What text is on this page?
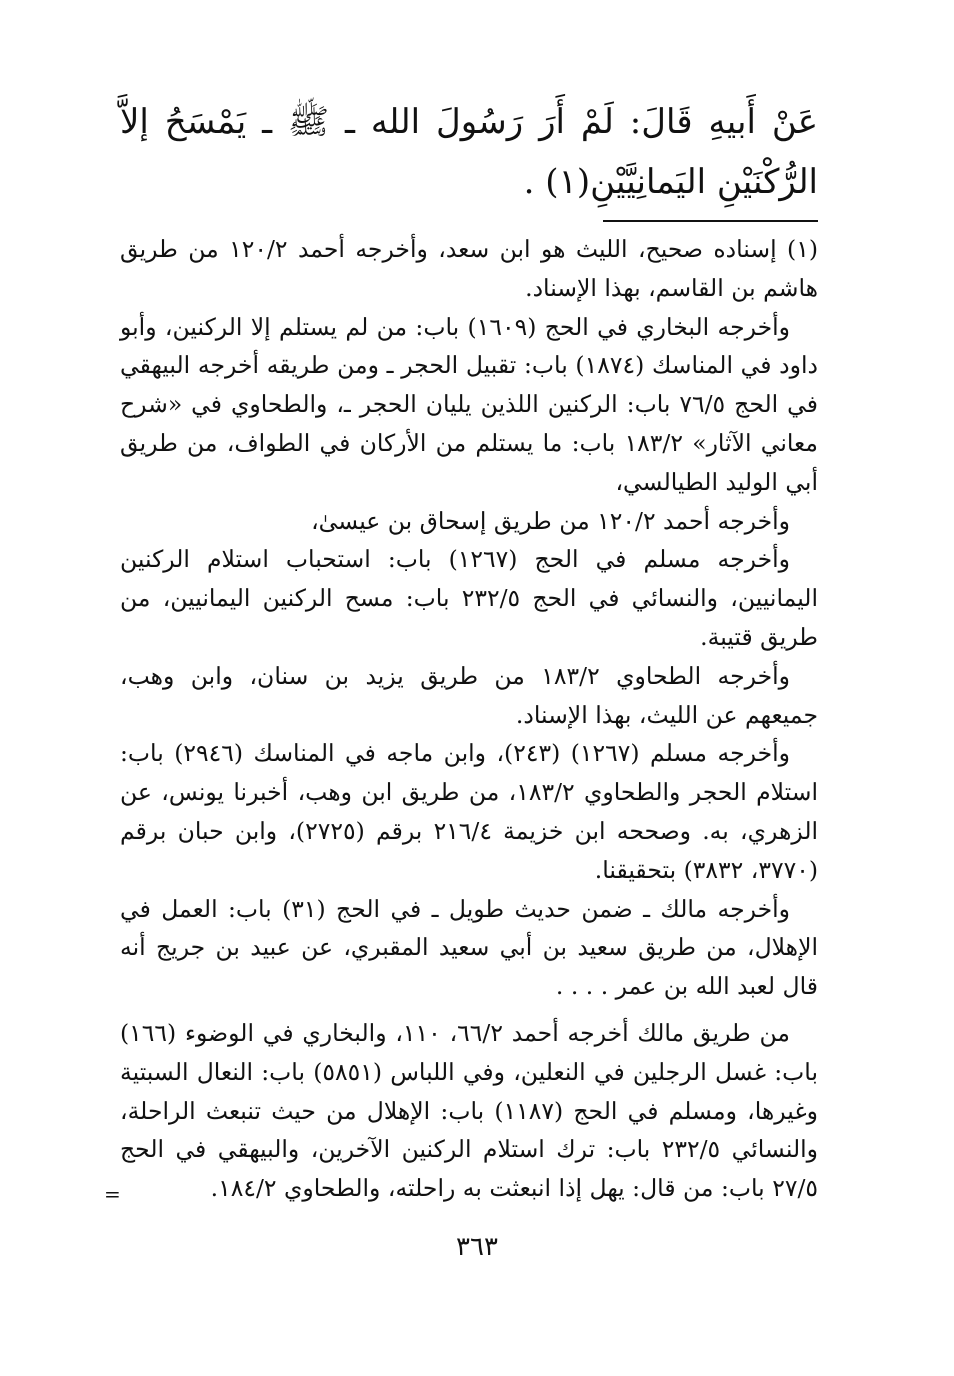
عَنْ أَبيهِ قَالَ: لَمْ أَرَ رَسُولَ الله ـ ﷺ ـ يَمْسَحُ إلاَّ الرُّكْنَيْنِ اليَمانِيَّيْنِ(١) .

(١) إسناده صحيح، الليث هو ابن سعد، وأخرجه أحمد ١٢٠/٢ من طريق هاشم بن القاسم، بهذا الإسناد.

وأخرجه البخاري في الحج (١٦٠٩) باب: من لم يستلم إلا الركنين، وأبو داود في المناسك (١٨٧٤) باب: تقبيل الحجر ـ ومن طريقه أخرجه البيهقي في الحج ٧٦/٥ باب: الركنين اللذين يليان الحجر ـ، والطحاوي في «شرح معاني الآثار» ١٨٣/٢ باب: ما يستلم من الأركان في الطواف، من طريق أبي الوليد الطيالسي،

وأخرجه أحمد ١٢٠/٢ من طريق إسحاق بن عيسىٰ،

وأخرجه مسلم في الحج (١٢٦٧) باب: استحباب استلام الركنين اليمانيين، والنسائي في الحج ٢٣٢/٥ باب: مسح الركنين اليمانيين، من طريق قتيبة.

وأخرجه الطحاوي ١٨٣/٢ من طريق يزيد بن سنان، وابن وهب، جميعهم عن الليث، بهذا الإسناد.

وأخرجه مسلم (١٢٦٧) (٢٤٣)، وابن ماجه في المناسك (٢٩٤٦) باب: استلام الحجر والطحاوي ١٨٣/٢، من طريق ابن وهب، أخبرنا يونس، عن الزهري، به. وصححه ابن خزيمة ٢١٦/٤ برقم (٢٧٢٥)، وابن حبان برقم (٣٧٧٠، ٣٨٣٢) بتحقيقنا.

وأخرجه مالك ـ ضمن حديث طويل ـ في الحج (٣١) باب: العمل في الإهلال، من طريق سعيد بن أبي سعيد المقبري، عن عبيد بن جريج أنه قال لعبد الله بن عمر . . . .

من طريق مالك أخرجه أحمد ٦٦/٢، ١١٠، والبخاري في الوضوء (١٦٦) باب: غسل الرجلين في النعلين، وفي اللباس (٥٨٥١) باب: النعال السبتية وغيرها، ومسلم في الحج (١١٨٧) باب: الإهلال من حيث تنبعث الراحلة، والنسائي ٢٣٢/٥ باب: ترك استلام الركنين الآخرين، والبيهقي في الحج ٢٧/٥ باب: من قال: يهل إذا انبعثت به راحلته، والطحاوي ١٨٤/٢.

=
٣٦٣
